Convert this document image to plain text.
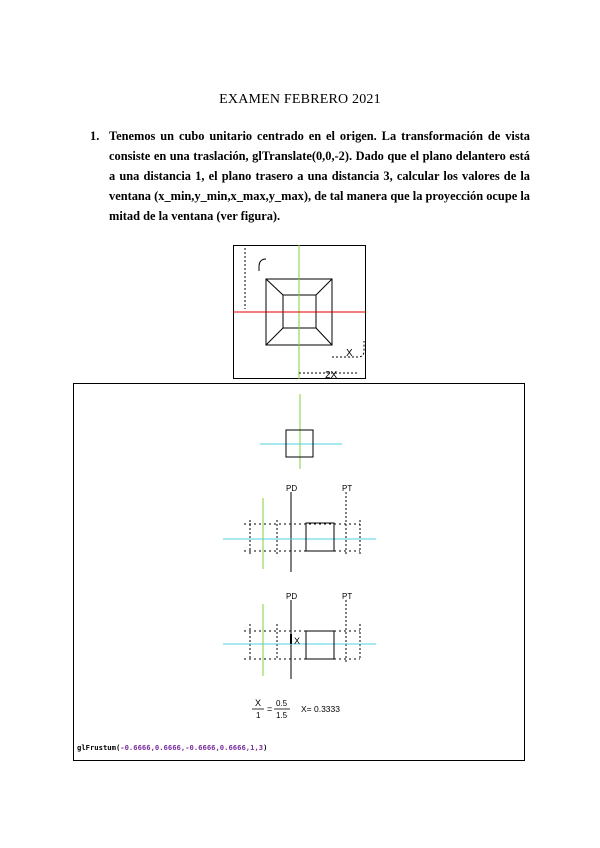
EXAMEN FEBRERO 2021
1. Tenemos un cubo unitario centrado en el origen. La transformación de vista consiste en una traslación, glTranslate(0,0,-2). Dado que el plano delantero está a una distancia 1, el plano trasero a una distancia 3, calcular los valores de la ventana (x_min,y_min,x_max,y_max), de tal manera que la proyección ocupe la mitad de la ventana (ver figura).
X
2X
PD	PT
PD	PT
X
X
1
=
0.5
1.5
X= 0.3333
glFrustum(-0.6666,0.6666,-0.6666,0.6666,1,3)
